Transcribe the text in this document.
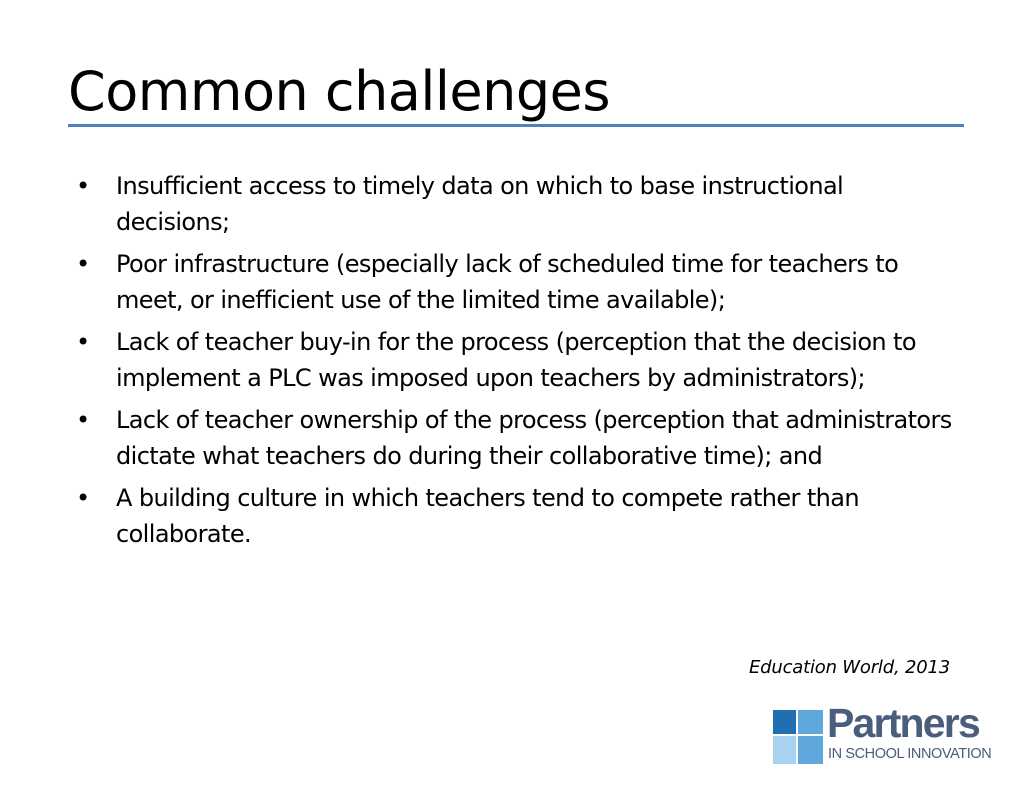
Common challenges
• Insufficient access to timely data on which to base instructional decisions;
• Poor infrastructure (especially lack of scheduled time for teachers to meet, or inefficient use of the limited time available);
• Lack of teacher buy-in for the process (perception that the decision to implement a PLC was imposed upon teachers by administrators);
• Lack of teacher ownership of the process (perception that administrators dictate what teachers do during their collaborative time); and
• A building culture in which teachers tend to compete rather than collaborate.

Education World, 2013

Partners
IN SCHOOL INNOVATION
